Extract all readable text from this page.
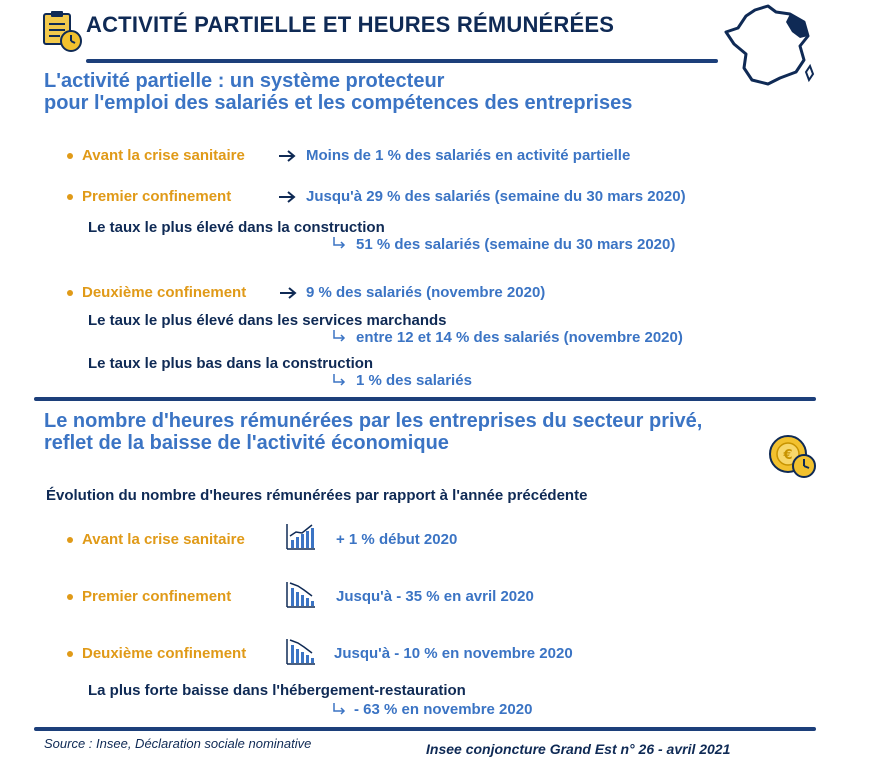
ACTIVITÉ PARTIELLE ET HEURES RÉMUNÉRÉES
L'activité partielle : un système protecteur
pour l'emploi des salariés et les compétences des entreprises
Avant la crise sanitaire	Moins de 1 % des salariés en activité partielle
Premier confinement	Jusqu'à 29 % des salariés (semaine du 30 mars 2020)
Le taux le plus élevé dans la construction
51 % des salariés (semaine du 30 mars 2020)
Deuxième confinement	9 % des salariés (novembre 2020)
Le taux le plus élevé dans les services marchands
entre 12 et 14 % des salariés (novembre 2020)
Le taux le plus bas dans la construction
1 % des salariés
Le nombre d'heures rémunérées par les entreprises du secteur privé,
reflet de la baisse de l'activité économique
€
Évolution du nombre d'heures rémunérées par rapport à l'année précédente
Avant la crise sanitaire	+ 1 % début 2020
Premier confinement	Jusqu'à - 35 % en avril 2020
Deuxième confinement	Jusqu'à - 10 % en novembre 2020
La plus forte baisse dans l'hébergement-restauration
- 63 % en novembre 2020
Source : Insee, Déclaration sociale nominative	Insee conjoncture Grand Est n° 26 - avril 2021
